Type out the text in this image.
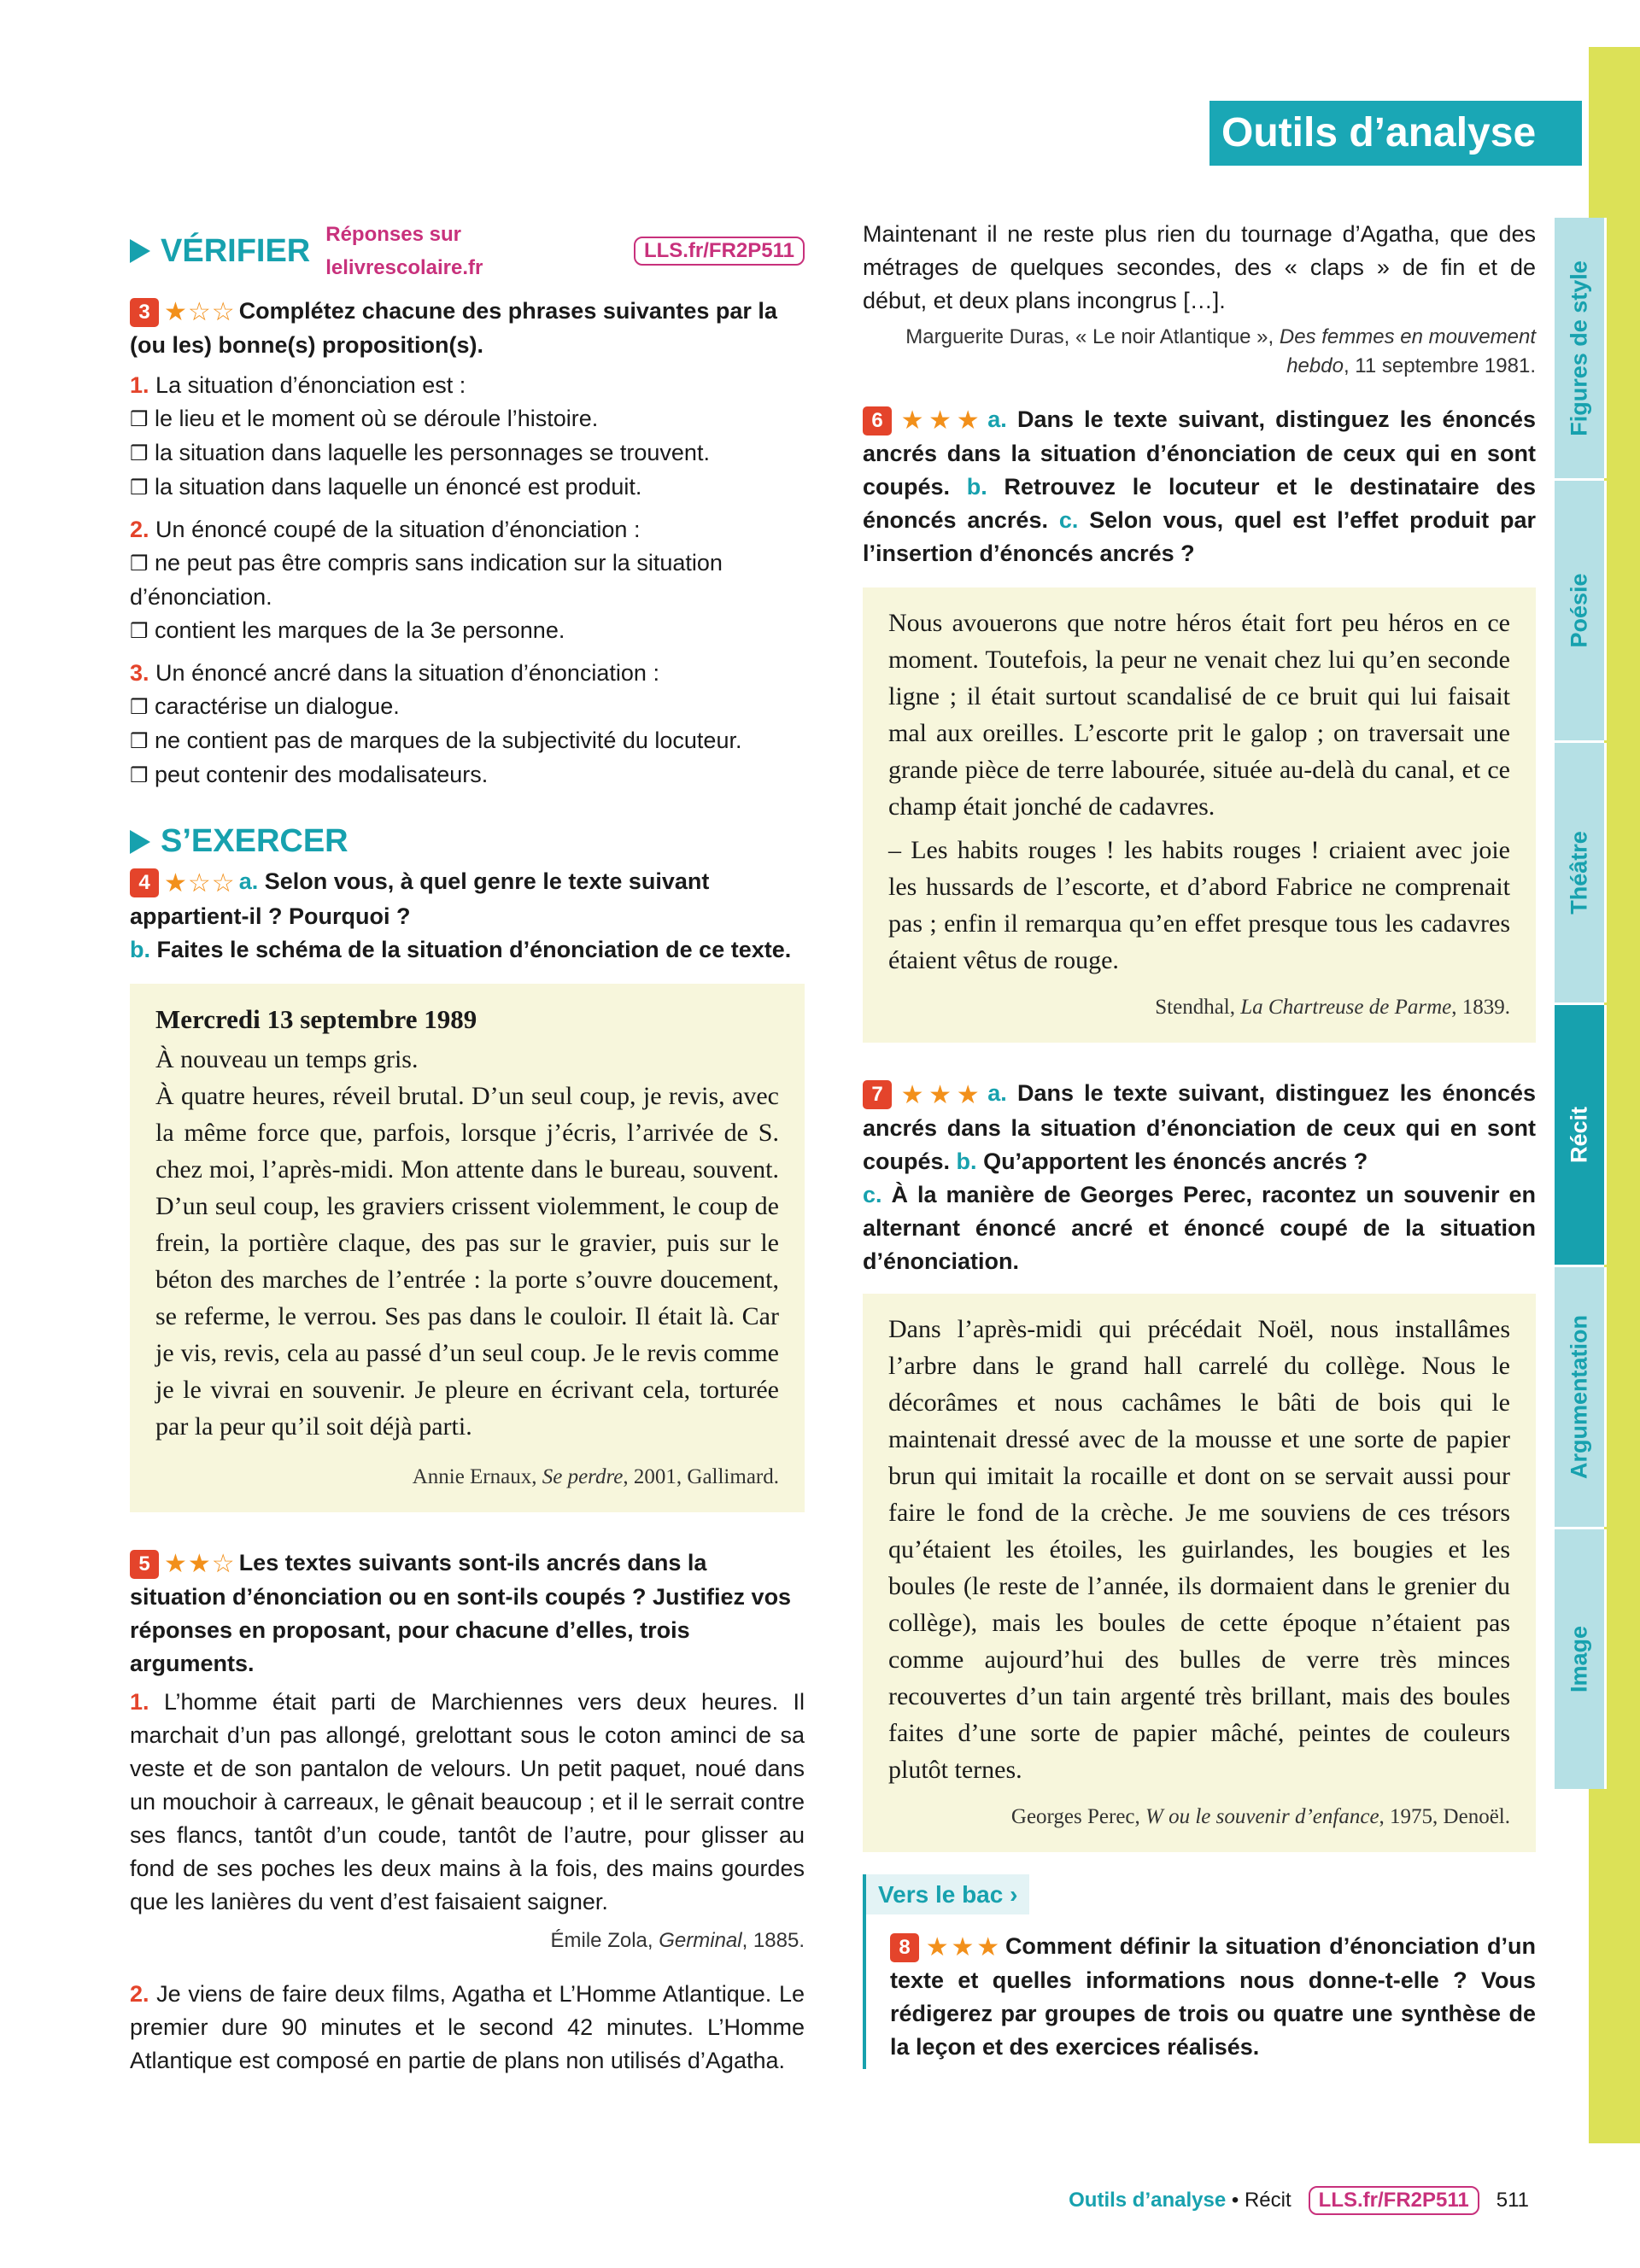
Outils d’analyse
Figures de style
Poésie
Théâtre
Récit
Argumentation
Image
VÉRIFIER Réponses sur lelivrescolaire.fr
LLS.fr/FR2P511

3 ★☆☆ Complétez chacune des phrases suivantes par la (ou les) bonne(s) proposition(s).

1. La situation d’énonciation est :

❒ le lieu et le moment où se déroule l’histoire.

❒ la situation dans laquelle les personnages se trouvent.

❒ la situation dans laquelle un énoncé est produit.

2. Un énoncé coupé de la situation d’énonciation :

❒ ne peut pas être compris sans indication sur la situation d’énonciation.

❒ contient les marques de la 3e personne.

3. Un énoncé ancré dans la situation d’énonciation :

❒ caractérise un dialogue.

❒ ne contient pas de marques de la subjectivité du locuteur.

❒ peut contenir des modalisateurs.

S’EXERCER

4 ★☆☆ a. Selon vous, à quel genre le texte suivant appartient-il ? Pourquoi ?
b. Faites le schéma de la situation d’énonciation de ce texte.

Mercredi 13 septembre 1989

À nouveau un temps gris.

À quatre heures, réveil brutal. D’un seul coup, je revis, avec la même force que, parfois, lorsque j’écris, l’arrivée de S. chez moi, l’après-midi. Mon attente dans le bureau, souvent. D’un seul coup, les graviers crissent violemment, le coup de frein, la portière claque, des pas sur le gravier, puis sur le béton des marches de l’entrée : la porte s’ouvre doucement, se referme, le verrou. Ses pas dans le couloir. Il était là. Car je vis, revis, cela au passé d’un seul coup. Je le revis comme je le vivrai en souvenir. Je pleure en écrivant cela, torturée par la peur qu’il soit déjà parti.

Annie Ernaux, Se perdre, 2001, Gallimard.

5 ★★☆ Les textes suivants sont-ils ancrés dans la situation d’énonciation ou en sont-ils coupés ? Justifiez vos réponses en proposant, pour chacune d’elles, trois arguments.

1. L’homme était parti de Marchiennes vers deux heures. Il marchait d’un pas allongé, grelottant sous le coton aminci de sa veste et de son pantalon de velours. Un petit paquet, noué dans un mouchoir à carreaux, le gênait beaucoup ; et il le serrait contre ses flancs, tantôt d’un coude, tantôt de l’autre, pour glisser au fond de ses poches les deux mains à la fois, des mains gourdes que les lanières du vent d’est faisaient saigner.

Émile Zola, Germinal, 1885.

2. Je viens de faire deux films, Agatha et L’Homme Atlantique. Le premier dure 90 minutes et le second 42 minutes. L’Homme Atlantique est composé en partie de plans non utilisés d’Agatha.

Maintenant il ne reste plus rien du tournage d’Agatha, que des métrages de quelques secondes, des « claps » de fin et de début, et deux plans incongrus […].

Marguerite Duras, « Le noir Atlantique », Des femmes en mouvement hebdo, 11 septembre 1981.

6 ★★★ a. Dans le texte suivant, distinguez les énoncés ancrés dans la situation d’énonciation de ceux qui en sont coupés. b. Retrouvez le locuteur et le destinataire des énoncés ancrés. c. Selon vous, quel est l’effet produit par l’insertion d’énoncés ancrés ?

Nous avouerons que notre héros était fort peu héros en ce moment. Toutefois, la peur ne venait chez lui qu’en seconde ligne ; il était surtout scandalisé de ce bruit qui lui faisait mal aux oreilles. L’escorte prit le galop ; on traversait une grande pièce de terre labourée, située au-delà du canal, et ce champ était jonché de cadavres.

– Les habits rouges ! les habits rouges ! criaient avec joie les hussards de l’escorte, et d’abord Fabrice ne comprenait pas ; enfin il remarqua qu’en effet presque tous les cadavres étaient vêtus de rouge.

Stendhal, La Chartreuse de Parme, 1839.

7 ★★★ a. Dans le texte suivant, distinguez les énoncés ancrés dans la situation d’énonciation de ceux qui en sont coupés. b. Qu’apportent les énoncés ancrés ?
c. À la manière de Georges Perec, racontez un souvenir en alternant énoncé ancré et énoncé coupé de la situation d’énonciation.

Dans l’après-midi qui précédait Noël, nous installâmes l’arbre dans le grand hall carrelé du collège. Nous le décorâmes et nous cachâmes le bâti de bois qui le maintenait dressé avec de la mousse et une sorte de papier brun qui imitait la rocaille et dont on se servait aussi pour faire le fond de la crèche. Je me souviens de ces trésors qu’étaient les étoiles, les guirlandes, les bougies et les boules (le reste de l’année, ils dormaient dans le grenier du collège), mais les boules de cette époque n’étaient pas comme aujourd’hui des bulles de verre très minces recouvertes d’un tain argenté très brillant, mais des boules faites d’une sorte de papier mâché, peintes de couleurs plutôt ternes.

Georges Perec, W ou le souvenir d’enfance, 1975, Denoël.

Vers le bac ›

8 ★★★ Comment définir la situation d’énonciation d’un texte et quelles informations nous donne-t-elle ? Vous rédigerez par groupes de trois ou quatre une synthèse de la leçon et des exercices réalisés.

Outils d’analyse • Récit LLS.fr/FR2P511 511
